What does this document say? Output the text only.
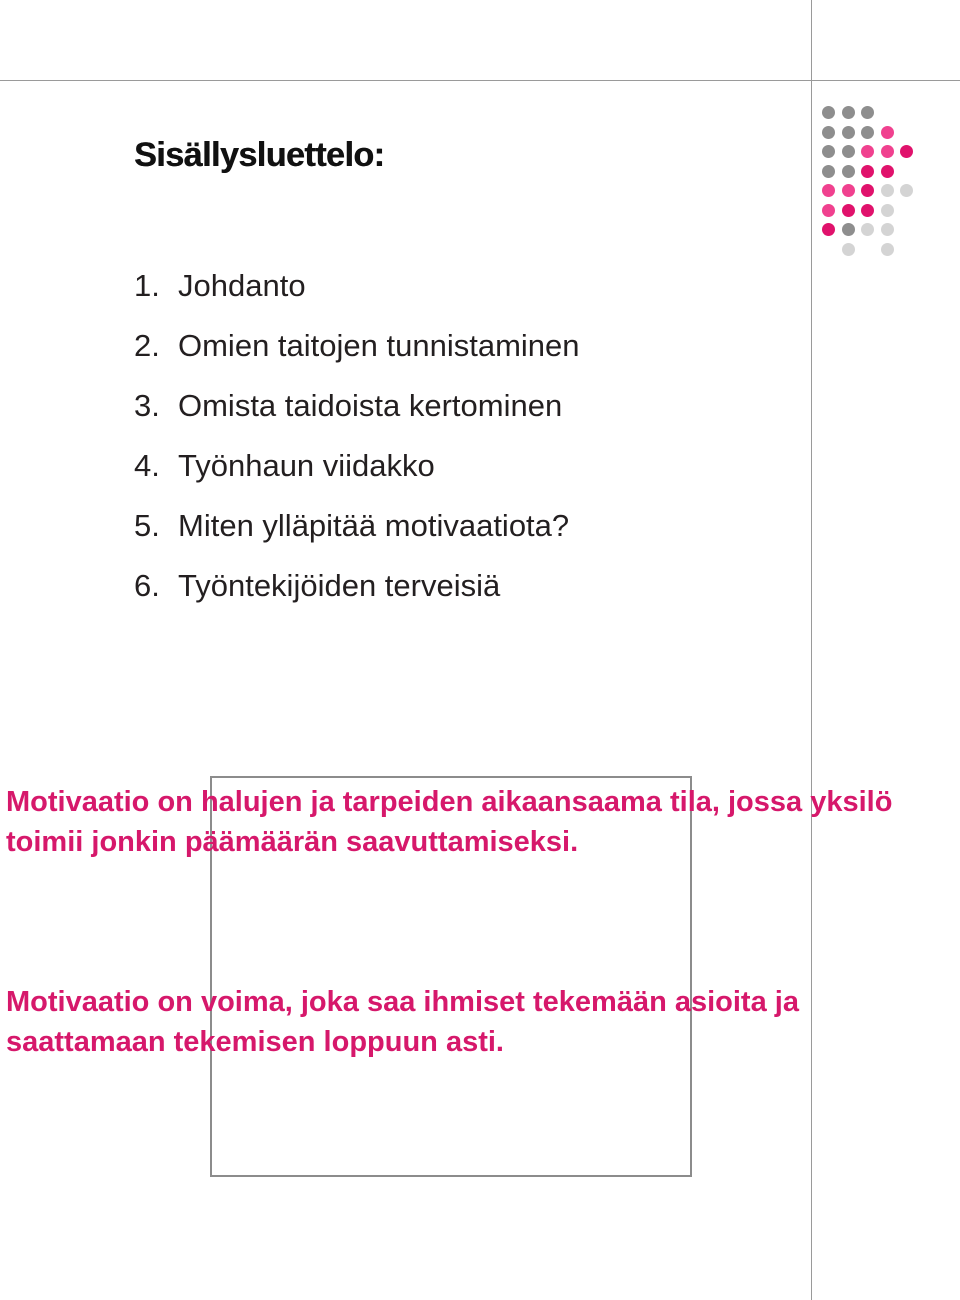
Sisällysluettelo:
1. Johdanto
2. Omien taitojen tunnistaminen
3. Omista taidoista kertominen
4. Työnhaun viidakko
5. Miten ylläpitää motivaatiota?
6. Työntekijöiden terveisiä

Motivaatio on halujen ja tarpeiden aikaansaama tila, jossa yksilö toimii jonkin päämäärän saavuttamiseksi.

Motivaatio on voima, joka saa ihmiset tekemään asioita ja saattamaan tekemisen loppuun asti.
